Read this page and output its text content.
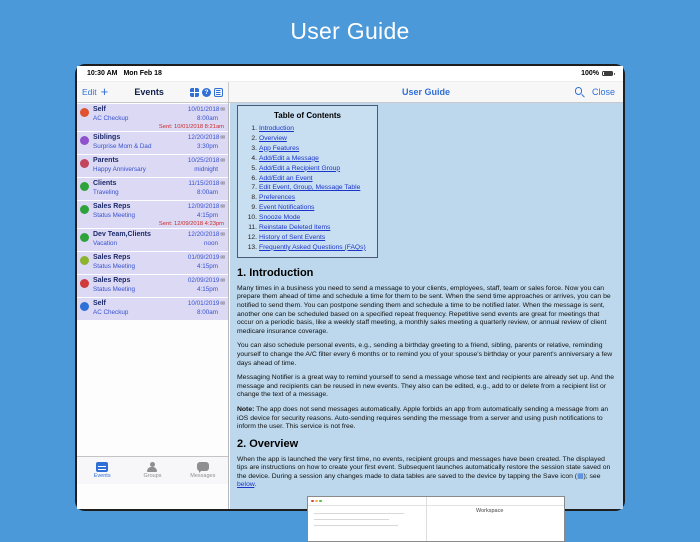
User Guide
10:30 AM Mon Feb 18	100%
Edit +	Events	?	User Guide	Close
Self
AC Checkup
10/01/2018✉
8:00am
Sent: 10/01/2018 8:21am
Siblings
Surprise Mom & Dad
12/20/2018✉
3:30pm
Parents
Happy Anniversary
10/25/2018✉
midnight
Clients
Traveling
11/15/2018✉
8:00am
Sales Reps
Status Meeting
12/09/2018✉
4:15pm
Sent: 12/09/2018 4:23pm
Dev Team,Clients
Vacation
12/20/2018✉
noon
Sales Reps
Status Meeting
01/09/2019✉
4:15pm
Sales Reps
Status Meeting
02/09/2019✉
4:15pm
Self
AC Checkup
10/01/2019✉
8:00am
Events	Groups	Messages
Table of Contents
1. Introduction
2. Overview
3. App Features
4. Add/Edit a Message
5. Add/Edit a Recipient Group
6. Add/Edit an Event
7. Edit Event, Group, Message Table
8. Preferences
9. Event Notifications
10. Snooze Mode
11. Reinstate Deleted Items
12. History of Sent Events
13. Frequently Asked Questions (FAQs)
1. Introduction

Many times in a business you need to send a message to your clients, employees, staff, team or sales force. Now you can prepare them ahead of time and schedule a time for them to be sent. When the send time approaches or arrives, you can be notified to send them. You can postpone sending them and schedule a time to be notified later. When the message is sent, another one can be scheduled based on a specified repeat frequency. Repetitive send events are great for meetings that occur on a periodic basis, like a weekly staff meeting, a monthly sales meeting a quarterly review, or annual review of client medicare insurance coverage.

You can also schedule personal events, e.g., sending a birthday greeting to a friend, sibling, parents or relative, reminding yourself to change the A/C filter every 6 months or to remind you of your spouse's birthday or your parent's anniversary a few days ahead of time.

Messaging Notifier is a great way to remind yourself to send a message whose text and recipients are already set up. And the message and recipients can be reused in new events. They also can be edited, e.g., add to or delete from a recipient list or change the text of a message.

Note: The app does not send messages automatically. Apple forbids an app from automatically sending a message from an iOS device for security reasons. Auto-sending requires sending the message from a server and using push notifications to inform the user. This service is not free.

2. Overview

When the app is launched the very first time, no events, recipient groups and messages have been created. The displayed tips are instructions on how to create your first event. Subsequent launches automatically restore the session state saved on the device. During a session any changes made to data tables are saved to the device by tapping the Save icon (▦); see below.

Workspace
